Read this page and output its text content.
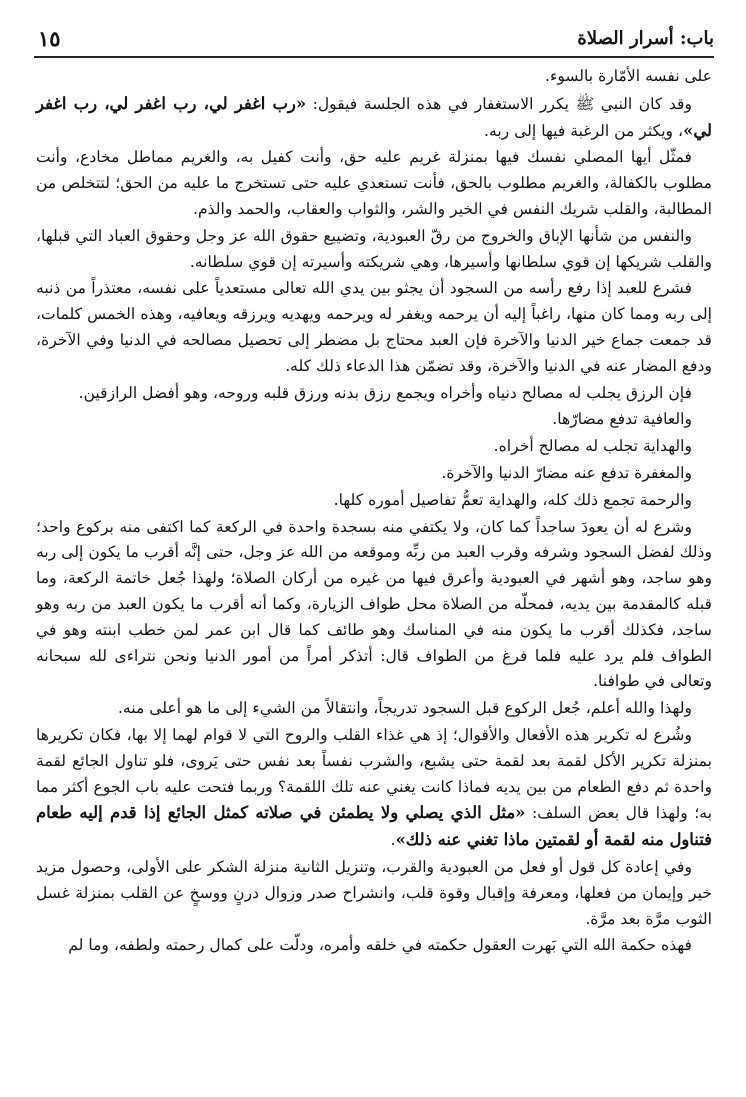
باب: أسرار الصلاة
١٥

على نفسه الأمّارة بالسوء.

وقد كان النبي ﷺ يكرر الاستغفار في هذه الجلسة فيقول: «رب اغفر لي، رب اغفر لي، رب اغفر لي»، ويكثر من الرغبة فيها إلى ربه.

فمثّل أيها المصلي نفسك فيها بمنزلة غريم عليه حق، وأنت كفيل به، والغريم مماطل مخادع، وأنت مطلوب بالكفالة، والغريم مطلوب بالحق، فأنت تستعدي عليه حتى تستخرج ما عليه من الحق؛ لتتخلص من المطالبة، والقلب شريك النفس في الخير والشر، والثواب والعقاب، والحمد والذم.

والنفس من شأنها الإباق والخروج من رقّ العبودية، وتضييع حقوق الله عز وجل وحقوق العباد التي قبلها، والقلب شريكها إن قوي سلطانها وأسيرها، وهي شريكته وأسيرته إن قوي سلطانه.

فشرع للعبد إذا رفع رأسه من السجود أن يجثو بين يدي الله تعالى مستعدياً على نفسه، معتذراً من ذنبه إلى ربه ومما كان منها، راغباً إليه أن يرحمه ويغفر له ويرحمه ويهديه ويرزقه ويعافيه، وهذه الخمس كلمات، قد جمعت جماع خير الدنيا والآخرة فإن العبد محتاج بل مضطر إلى تحصيل مصالحه في الدنيا وفي الآخرة، ودفع المضار عنه في الدنيا والآخرة، وقد تضمّن هذا الدعاء ذلك كله.

فإن الرزق يجلب له مصالح دنياه وأخراه ويجمع رزق بدنه ورزق قلبه وروحه، وهو أفضل الرازقين.

والعافية تدفع مضارّها.

والهداية تجلب له مصالح أخراه.

والمغفرة تدفع عنه مضارّ الدنيا والآخرة.

والرحمة تجمع ذلك كله، والهداية تعمُّ تفاصيل أموره كلها.

وشرع له أن يعودَ ساجداً كما كان، ولا يكتفي منه بسجدة واحدة في الركعة كما اكتفى منه بركوع واحد؛ وذلك لفضل السجود وشرفه وقرب العبد من ربِّه وموقعه من الله عز وجل، حتى إنَّه أقرب ما يكون إلى ربه وهو ساجد، وهو أشهر في العبودية وأعرق فيها من غيره من أركان الصلاة؛ ولهذا جُعل خاتمة الركعة، وما قبله كالمقدمة بين يديه، فمحلّه من الصلاة محل طواف الزيارة، وكما أنه أقرب ما يكون العبد من ربه وهو ساجد، فكذلك أقرب ما يكون منه في المناسك وهو طائف كما قال ابن عمر لمن خطب ابنته وهو في الطواف فلم يرد عليه فلما فرغ من الطواف قال: أتذكر أمراً من أمور الدنيا ونحن نتراءى لله سبحانه وتعالى في طوافنا.

ولهذا والله أعلم، جُعل الركوع قبل السجود تدريجاً، وانتقالاً من الشيء إلى ما هو أعلى منه.

وشُرع له تكرير هذه الأفعال والأقوال؛ إذ هي غذاء القلب والروح التي لا قوام لهما إلا بها، فكان تكريرها بمنزلة تكرير الأكل لقمة بعد لقمة حتى يشبع، والشرب نفساً بعد نفس حتى يَروى، فلو تناول الجائع لقمة واحدة ثم دفع الطعام من بين يديه فماذا كانت يغني عنه تلك اللقمة؟ وربما فتحت عليه باب الجوع أكثر مما به؛ ولهذا قال بعض السلف: «مثل الذي يصلي ولا يطمئن في صلاته كمثل الجائع إذا قدم إليه طعام فتناول منه لقمة أو لقمتين ماذا تغني عنه ذلك».

وفي إعادة كل قول أو فعل من العبودية والقرب، وتنزيل الثانية منزلة الشكر على الأولى، وحصول مزيد خير وإيمان من فعلها، ومعرفة وإقبال وقوة قلب، وانشراح صدر وزوال درنٍ ووسخٍ عن القلب بمنزلة غسل الثوب مرَّة بعد مرَّة.

فهذه حكمة الله التي بَهرت العقول حكمته في خلقه وأمره، ودلّت على كمال رحمته ولطفه، وما لم
